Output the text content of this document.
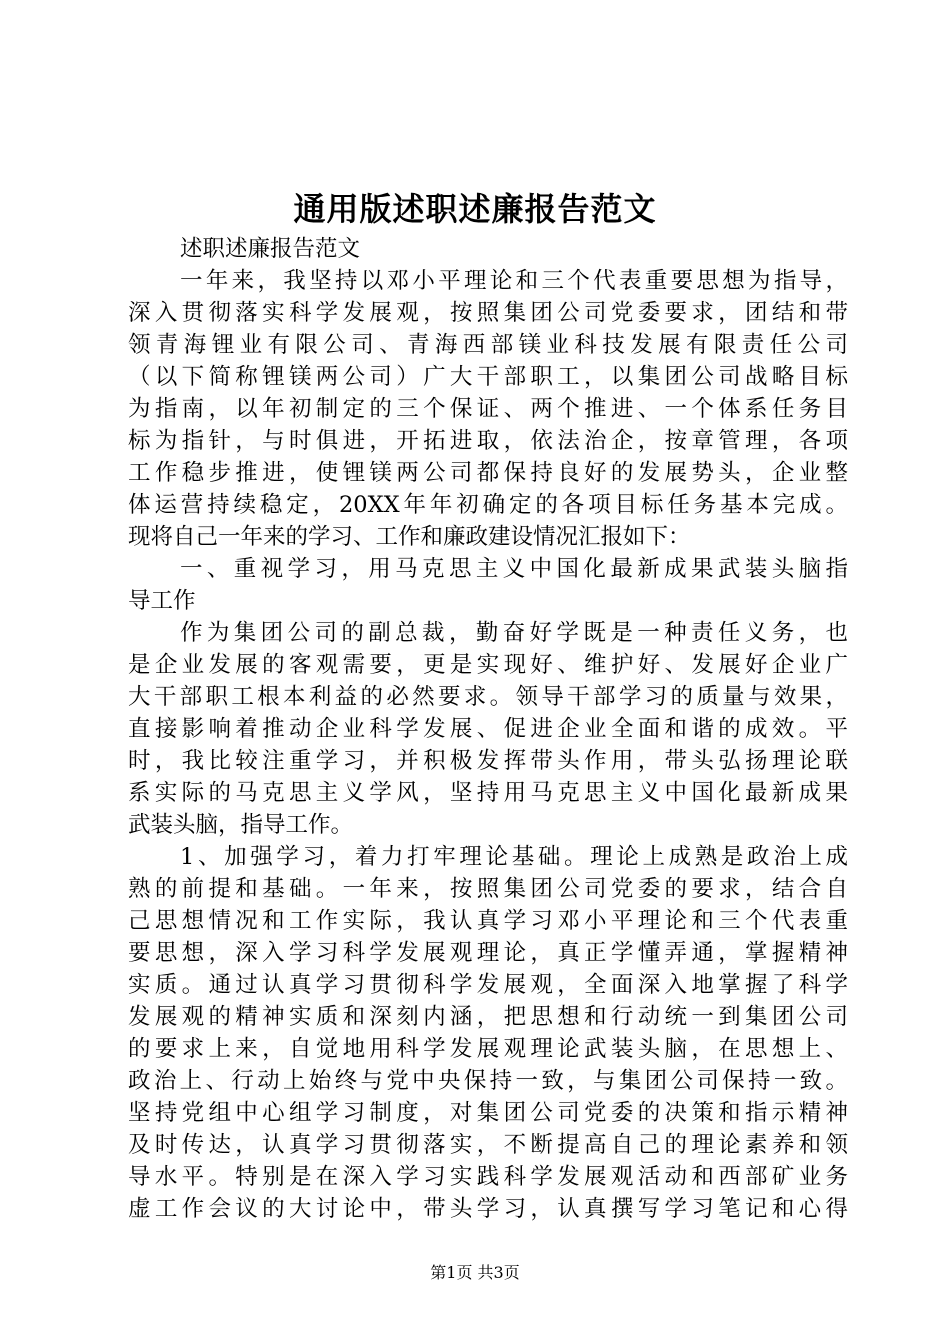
通用版述职述廉报告范文
述职述廉报告范文
一年来，我坚持以邓小平理论和三个代表重要思想为指导，
深入贯彻落实科学发展观，按照集团公司党委要求，团结和带
领青海锂业有限公司、青海西部镁业科技发展有限责任公司
（以下简称锂镁两公司）广大干部职工，以集团公司战略目标
为指南，以年初制定的三个保证、两个推进、一个体系任务目
标为指针，与时俱进，开拓进取，依法治企，按章管理，各项
工作稳步推进，使锂镁两公司都保持良好的发展势头，企业整
体运营持续稳定，20XX年年初确定的各项目标任务基本完成。
现将自己一年来的学习、工作和廉政建设情况汇报如下：
一、重视学习，用马克思主义中国化最新成果武装头脑指
导工作
作为集团公司的副总裁，勤奋好学既是一种责任义务，也
是企业发展的客观需要，更是实现好、维护好、发展好企业广
大干部职工根本利益的必然要求。领导干部学习的质量与效果，
直接影响着推动企业科学发展、促进企业全面和谐的成效。平
时，我比较注重学习，并积极发挥带头作用，带头弘扬理论联
系实际的马克思主义学风，坚持用马克思主义中国化最新成果
武装头脑，指导工作。
1、加强学习，着力打牢理论基础。理论上成熟是政治上成
熟的前提和基础。一年来，按照集团公司党委的要求，结合自
己思想情况和工作实际，我认真学习邓小平理论和三个代表重
要思想，深入学习科学发展观理论，真正学懂弄通，掌握精神
实质。通过认真学习贯彻科学发展观，全面深入地掌握了科学
发展观的精神实质和深刻内涵，把思想和行动统一到集团公司
的要求上来，自觉地用科学发展观理论武装头脑，在思想上、
政治上、行动上始终与党中央保持一致，与集团公司保持一致。
坚持党组中心组学习制度，对集团公司党委的决策和指示精神
及时传达，认真学习贯彻落实，不断提高自己的理论素养和领
导水平。特别是在深入学习实践科学发展观活动和西部矿业务
虚工作会议的大讨论中，带头学习，认真撰写学习笔记和心得
第1页 共3页
